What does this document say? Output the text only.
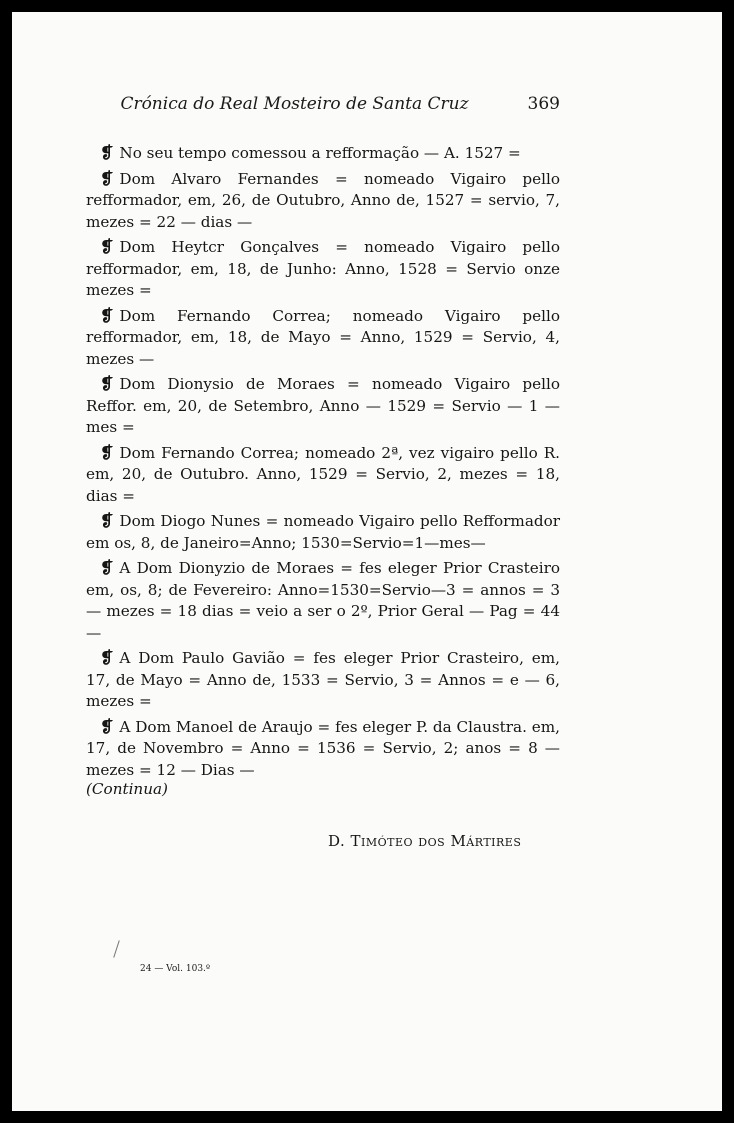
Crónica do Real Mosteiro de Santa Cruz	369

❡ No seu tempo comessou a refformação — A. 1527 =

❡ Dom Alvaro Fernandes = nomeado Vigairo pello refformador, em, 26, de Outubro, Anno de, 1527 = servio, 7, mezes = 22 — dias —

❡ Dom Heytcr Gonçalves = nomeado Vigairo pello refformador, em, 18, de Junho: Anno, 1528 = Servio onze mezes =

❡ Dom Fernando Correa; nomeado Vigairo pello refformador, em, 18, de Mayo = Anno, 1529 = Servio, 4, mezes —

❡ Dom Dionysio de Moraes = nomeado Vigairo pello Reffor. em, 20, de Setembro, Anno — 1529 = Servio — 1 — mes =

❡ Dom Fernando Correa; nomeado 2ª, vez vigairo pello R. em, 20, de Outubro. Anno, 1529 = Servio, 2, mezes = 18, dias =

❡ Dom Diogo Nunes = nomeado Vigairo pello Refformador em os, 8, de Janeiro=Anno; 1530=Servio=1—mes—

❡ A Dom Dionyzio de Moraes = fes eleger Prior Crasteiro em, os, 8; de Fevereiro: Anno=1530=Servio—3 = annos = 3 — mezes = 18 dias = veio a ser o 2º, Prior Geral — Pag = 44 —

❡ A Dom Paulo Gavião = fes eleger Prior Crasteiro, em, 17, de Mayo = Anno de, 1533 = Servio, 3 = Annos = e — 6, mezes =

❡ A Dom Manoel de Araujo = fes eleger P. da Claustra. em, 17, de Novembro = Anno = 1536 = Servio, 2; anos = 8 — mezes = 12 — Dias —

(Continua)
D. Timóteo dos Mártires
24 — Vol. 103.º
